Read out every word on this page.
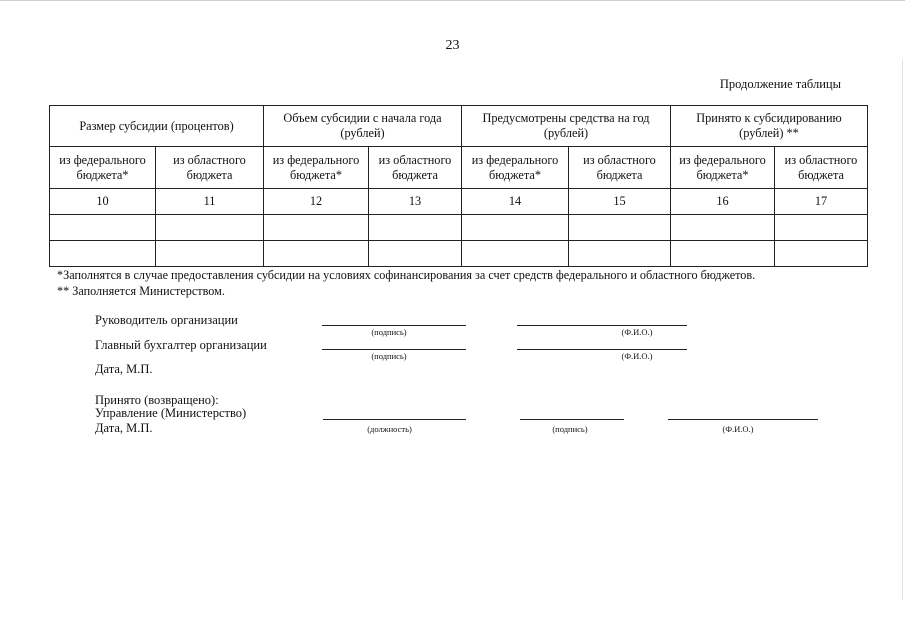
23
Продолжение таблицы
Размер субсидии (процентов)		Объем субсидии с начала года (рублей)		Предусмотрены средства на год (рублей)		Принято к субсидированию (рублей) **	
из федерального бюджета*	из областного бюджета	из федерального бюджета*	из областного бюджета	из федерального бюджета*	из областного бюджета	из федерального бюджета*	из областного бюджета
10	11	12	13	14	15	16	17

*Заполнятся в случае предоставления субсидии на условиях софинансирования за счет средств федерального и областного бюджетов.
** Заполняется Министерством.
Руководитель организации
(подпись)	(Ф.И.О.)
Главный бухгалтер организации
(подпись)	(Ф.И.О.)
Дата, М.П.
Принято (возвращено):
Управление (Министерство)
Дата, М.П.	(должность)	(подпись)	(Ф.И.О.)
